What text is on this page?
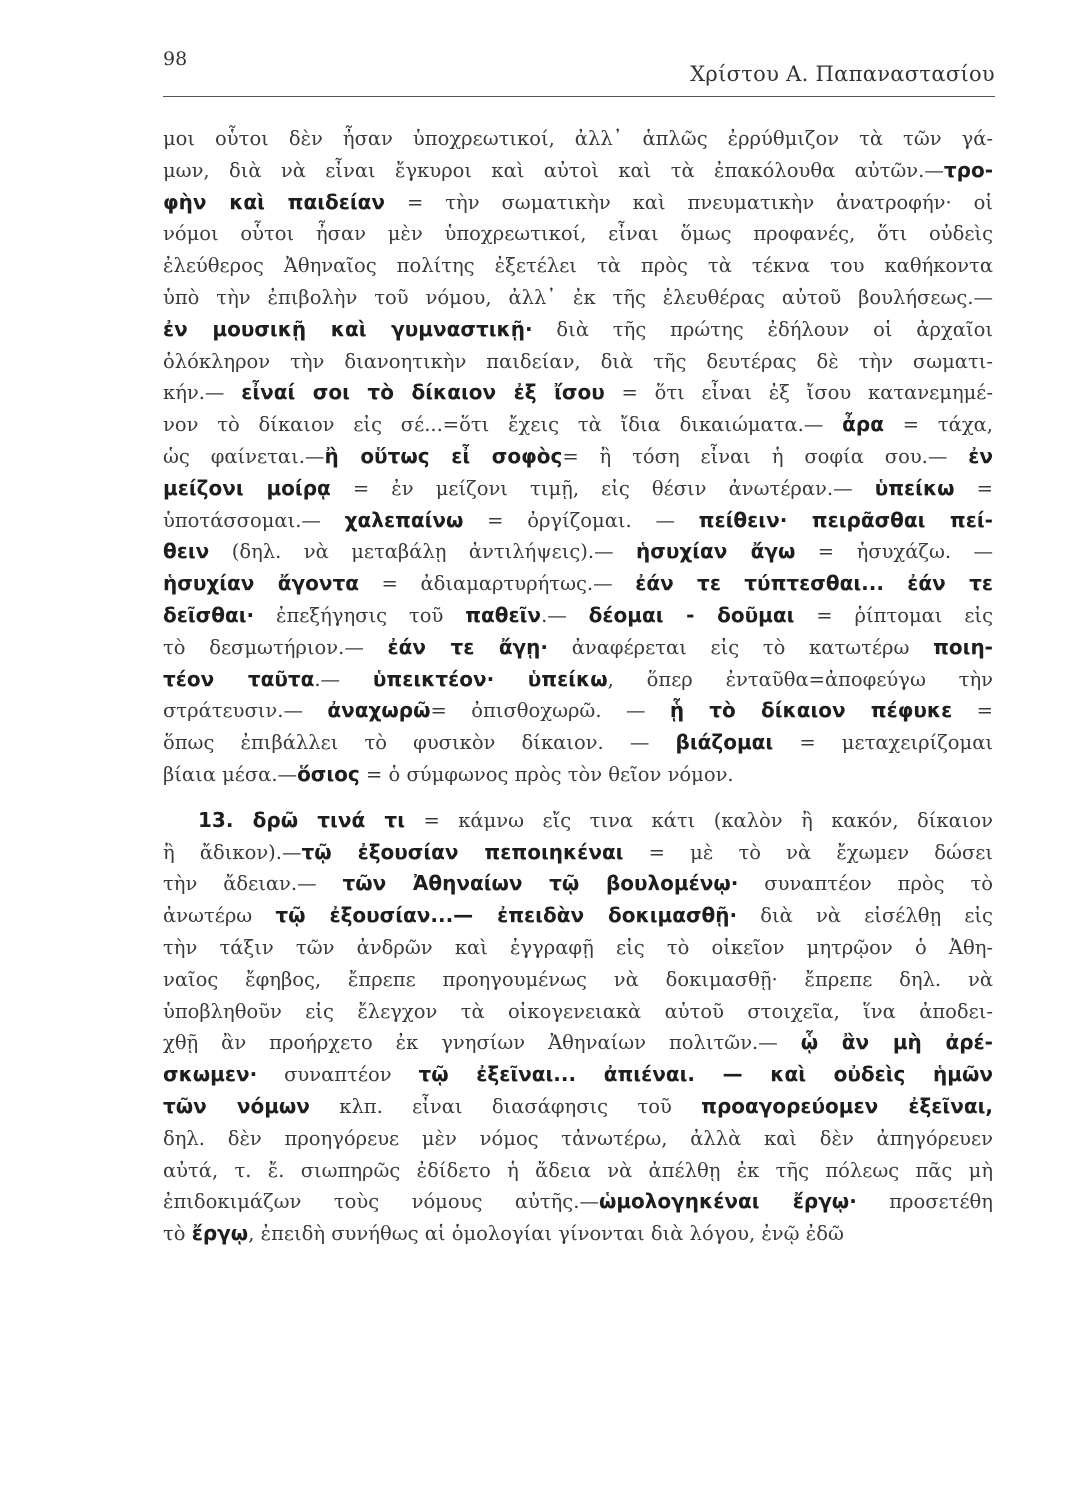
98
Χρίστου Α. Παπαναστασίου
μοι οὗτοι δὲν ἦσαν ὑποχρεωτικοί, ἀλλ᾽ ἁπλῶς ἐρρύθμιζον τὰ τῶν γά-
μων, διὰ νὰ εἶναι ἔγκυροι καὶ αὐτοὶ καὶ τὰ ἐπακόλουθα αὐτῶν.—τρο-
φὴν καὶ παιδείαν = τὴν σωματικὴν καὶ πνευματικὴν ἀνατροφήν· οἱ
νόμοι οὗτοι ἦσαν μὲν ὑποχρεωτικοί, εἶναι ὅμως προφανές, ὅτι οὐδεὶς
ἐλεύθερος Ἀθηναῖος πολίτης ἐξετέλει τὰ πρὸς τὰ τέκνα του καθήκοντα
ὑπὸ τὴν ἐπιβολὴν τοῦ νόμου, ἀλλ᾽ ἐκ τῆς ἐλευθέρας αὐτοῦ βουλήσεως.—
ἐν μουσικῇ καὶ γυμναστικῇ· διὰ τῆς πρώτης ἐδήλουν οἱ ἀρχαῖοι
ὁλόκληρον τὴν διανοητικὴν παιδείαν, διὰ τῆς δευτέρας δὲ τὴν σωματι-
κήν.— εἶναί σοι τὸ δίκαιον ἐξ ἴσου = ὅτι εἶναι ἐξ ἴσου κατανεμημέ-
νον τὸ δίκαιον εἰς σέ...=ὅτι ἔχεις τὰ ἴδια δικαιώματα.— ἆρα = τάχα,
ὡς φαίνεται.—ἢ οὕτως εἶ σοφὸς= ἢ τόση εἶναι ἡ σοφία σου.— ἐν
μείζονι μοίρᾳ = ἐν μείζονι τιμῇ, εἰς θέσιν ἀνωτέραν.— ὑπείκω =
ὑποτάσσομαι.— χαλεπαίνω = ὀργίζομαι. — πείθειν· πειρᾶσθαι πεί-
θειν (δηλ. νὰ μεταβάλῃ ἀντιλήψεις).— ἡσυχίαν ἄγω = ἡσυχάζω. —
ἡσυχίαν ἄγοντα = ἀδιαμαρτυρήτως.— ἐάν τε τύπτεσθαι... ἐάν τε
δεῖσθαι· ἐπεξήγησις τοῦ παθεῖν.— δέομαι - δοῦμαι = ῥίπτομαι εἰς
τὸ δεσμωτήριον.— ἐάν τε ἄγῃ· ἀναφέρεται εἰς τὸ κατωτέρω ποιη-
τέον ταῦτα.— ὑπεικτέον· ὑπείκω, ὅπερ ἐνταῦθα=ἀποφεύγω τὴν
στράτευσιν.— ἀναχωρῶ= ὀπισθοχωρῶ. — ᾗ τὸ δίκαιον πέφυκε =
ὅπως ἐπιβάλλει τὸ φυσικὸν δίκαιον. — βιάζομαι = μεταχειρίζομαι
βίαια μέσα.—ὅσιος = ὁ σύμφωνος πρὸς τὸν θεῖον νόμον.
13. δρῶ τινά τι = κάμνω εἴς τινα κάτι (καλὸν ἢ κακόν, δίκαιον
ἢ ἄδικον).—τῷ ἐξουσίαν πεποιηκέναι = μὲ τὸ νὰ ἔχωμεν δώσει
τὴν ἄδειαν.— τῶν Ἀθηναίων τῷ βουλομένῳ· συναπτέον πρὸς τὸ
ἀνωτέρω τῷ ἐξουσίαν...— ἐπειδὰν δοκιμασθῇ· διὰ νὰ εἰσέλθῃ εἰς
τὴν τάξιν τῶν ἀνδρῶν καὶ ἐγγραφῇ εἰς τὸ οἰκεῖον μητρῷον ὁ Ἀθη-
ναῖος ἔφηβος, ἔπρεπε προηγουμένως νὰ δοκιμασθῇ· ἔπρεπε δηλ. νὰ
ὑποβληθοῦν εἰς ἔλεγχον τὰ οἰκογενειακὰ αὐτοῦ στοιχεῖα, ἵνα ἀποδει-
χθῇ ἂν προήρχετο ἐκ γνησίων Ἀθηναίων πολιτῶν.— ᾧ ἂν μὴ ἀρέ-
σκωμεν· συναπτέον τῷ ἐξεῖναι... ἀπιέναι. — καὶ οὐδεὶς ἡμῶν
τῶν νόμων κλπ. εἶναι διασάφησις τοῦ προαγορεύομεν ἐξεῖναι,
δηλ. δὲν προηγόρευε μὲν νόμος τἀνωτέρω, ἀλλὰ καὶ δὲν ἀπηγόρευεν
αὐτά, τ. ἔ. σιωπηρῶς ἐδίδετο ἡ ἄδεια νὰ ἀπέλθῃ ἐκ τῆς πόλεως πᾶς μὴ
ἐπιδοκιμάζων τοὺς νόμους αὐτῆς.—ὡμολογηκέναι ἔργῳ· προσετέθη
τὸ ἔργῳ, ἐπειδὴ συνήθως αἱ ὁμολογίαι γίνονται διὰ λόγου, ἐνῷ ἐδῶ
